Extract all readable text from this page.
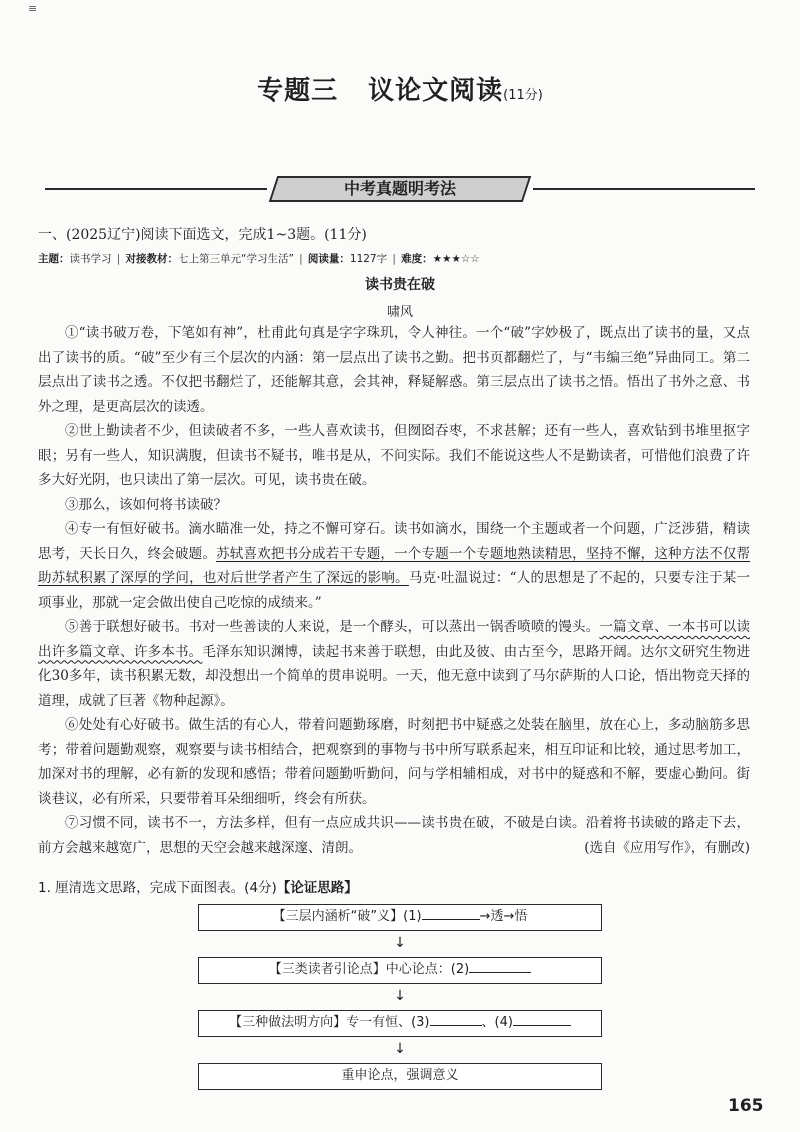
≡
专题三 议论文阅读(11分)
中考真题明考法
一、(2025辽宁)阅读下面选文，完成1~3题。(11分)
主题：读书学习 | 对接教材：七上第三单元“学习生活” | 阅读量：1127字 | 难度：★★★☆☆
读书贵在破
啸风

①“读书破万卷，下笔如有神”，杜甫此句真是字字珠玑，令人神往。一个“破”字妙极了，既点出了读书的量，又点出了读书的质。“破”至少有三个层次的内涵：第一层点出了读书之勤。把书页都翻烂了，与“韦编三绝”异曲同工。第二层点出了读书之透。不仅把书翻烂了，还能解其意，会其神，释疑解惑。第三层点出了读书之悟。悟出了书外之意、书外之理，是更高层次的读透。

②世上勤读者不少，但读破者不多，一些人喜欢读书，但囫囵吞枣，不求甚解；还有一些人，喜欢钻到书堆里抠字眼；另有一些人，知识满腹，但读书不疑书，唯书是从，不问实际。我们不能说这些人不是勤读者，可惜他们浪费了许多大好光阴，也只读出了第一层次。可见，读书贵在破。

③那么，该如何将书读破？

④专一有恒好破书。滴水瞄准一处，持之不懈可穿石。读书如滴水，围绕一个主题或者一个问题，广泛涉猎，精读思考，天长日久，终会破题。苏轼喜欢把书分成若干专题，一个专题一个专题地熟读精思，坚持不懈，这种方法不仅帮助苏轼积累了深厚的学问，也对后世学者产生了深远的影响。马克·吐温说过：“人的思想是了不起的，只要专注于某一项事业，那就一定会做出使自己吃惊的成绩来。”

⑤善于联想好破书。书对一些善读的人来说，是一个酵头，可以蒸出一锅香喷喷的馒头。一篇文章、一本书可以读出许多篇文章、许多本书。毛泽东知识渊博，读起书来善于联想，由此及彼、由古至今，思路开阔。达尔文研究生物进化30多年，读书积累无数，却没想出一个简单的贯串说明。一天，他无意中读到了马尔萨斯的人口论，悟出物竞天择的道理，成就了巨著《物种起源》。

⑥处处有心好破书。做生活的有心人，带着问题勤琢磨，时刻把书中疑惑之处装在脑里，放在心上，多动脑筋多思考；带着问题勤观察，观察要与读书相结合，把观察到的事物与书中所写联系起来，相互印证和比较，通过思考加工，加深对书的理解，必有新的发现和感悟；带着问题勤听勤问，问与学相辅相成，对书中的疑惑和不解，要虚心勤问。街谈巷议，必有所采，只要带着耳朵细细听，终会有所获。

⑦习惯不同，读书不一，方法多样，但有一点应成共识——读书贵在破，不破是白读。沿着将书读破的路走下去，前方会越来越宽广，思想的天空会越来越深邃、清朗。	(选自《应用写作》，有删改)

1. 厘清选文思路，完成下面图表。(4分)【论证思路】
【三层内涵析“破”义】(1)	→透→悟
↓
【三类读者引论点】中心论点：(2)
↓
【三种做法明方向】专一有恒、(3)	、(4)
↓
重申论点，强调意义
165
